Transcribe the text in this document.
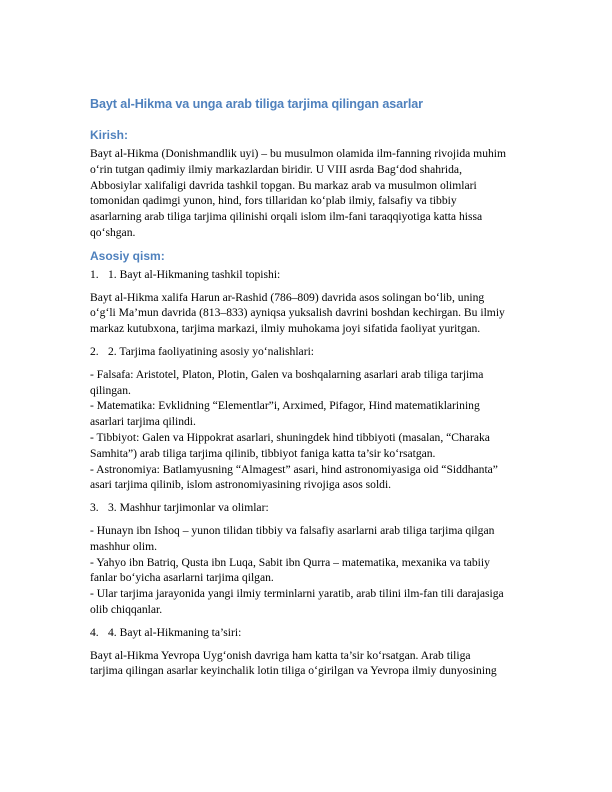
Bayt al-Hikma va unga arab tiliga tarjima qilingan asarlar
Kirish:
Bayt al-Hikma (Donishmandlik uyi) – bu musulmon olamida ilm-fanning rivojida muhim
o‘rin tutgan qadimiy ilmiy markazlardan biridir. U VIII asrda Bag‘dod shahrida,
Abbosiylar xalifaligi davrida tashkil topgan. Bu markaz arab va musulmon olimlari
tomonidan qadimgi yunon, hind, fors tillaridan ko‘plab ilmiy, falsafiy va tibbiy
asarlarning arab tiliga tarjima qilinishi orqali islom ilm-fani taraqqiyotiga katta hissa
qo‘shgan.
Asosiy qism:
1. 1. Bayt al-Hikmaning tashkil topishi:
Bayt al-Hikma xalifa Harun ar-Rashid (786–809) davrida asos solingan bo‘lib, uning
o‘g‘li Ma’mun davrida (813–833) ayniqsa yuksalish davrini boshdan kechirgan. Bu ilmiy
markaz kutubxona, tarjima markazi, ilmiy muhokama joyi sifatida faoliyat yuritgan.
2. 2. Tarjima faoliyatining asosiy yo‘nalishlari:
- Falsafa: Aristotel, Platon, Plotin, Galen va boshqalarning asarlari arab tiliga tarjima
qilingan.
- Matematika: Evklidning “Elementlar”i, Arximed, Pifagor, Hind matematiklarining
asarlari tarjima qilindi.
- Tibbiyot: Galen va Hippokrat asarlari, shuningdek hind tibbiyoti (masalan, “Charaka
Samhita”) arab tiliga tarjima qilinib, tibbiyot faniga katta ta’sir ko‘rsatgan.
- Astronomiya: Batlamyusning “Almagest” asari, hind astronomiyasiga oid “Siddhanta”
asari tarjima qilinib, islom astronomiyasining rivojiga asos soldi.
3. 3. Mashhur tarjimonlar va olimlar:
- Hunayn ibn Ishoq – yunon tilidan tibbiy va falsafiy asarlarni arab tiliga tarjima qilgan
mashhur olim.
- Yahyo ibn Batriq, Qusta ibn Luqa, Sabit ibn Qurra – matematika, mexanika va tabiiy
fanlar bo‘yicha asarlarni tarjima qilgan.
- Ular tarjima jarayonida yangi ilmiy terminlarni yaratib, arab tilini ilm-fan tili darajasiga
olib chiqqanlar.
4. 4. Bayt al-Hikmaning ta’siri:
Bayt al-Hikma Yevropa Uyg‘onish davriga ham katta ta’sir ko‘rsatgan. Arab tiliga
tarjima qilingan asarlar keyinchalik lotin tiliga o‘girilgan va Yevropa ilmiy dunyosining
